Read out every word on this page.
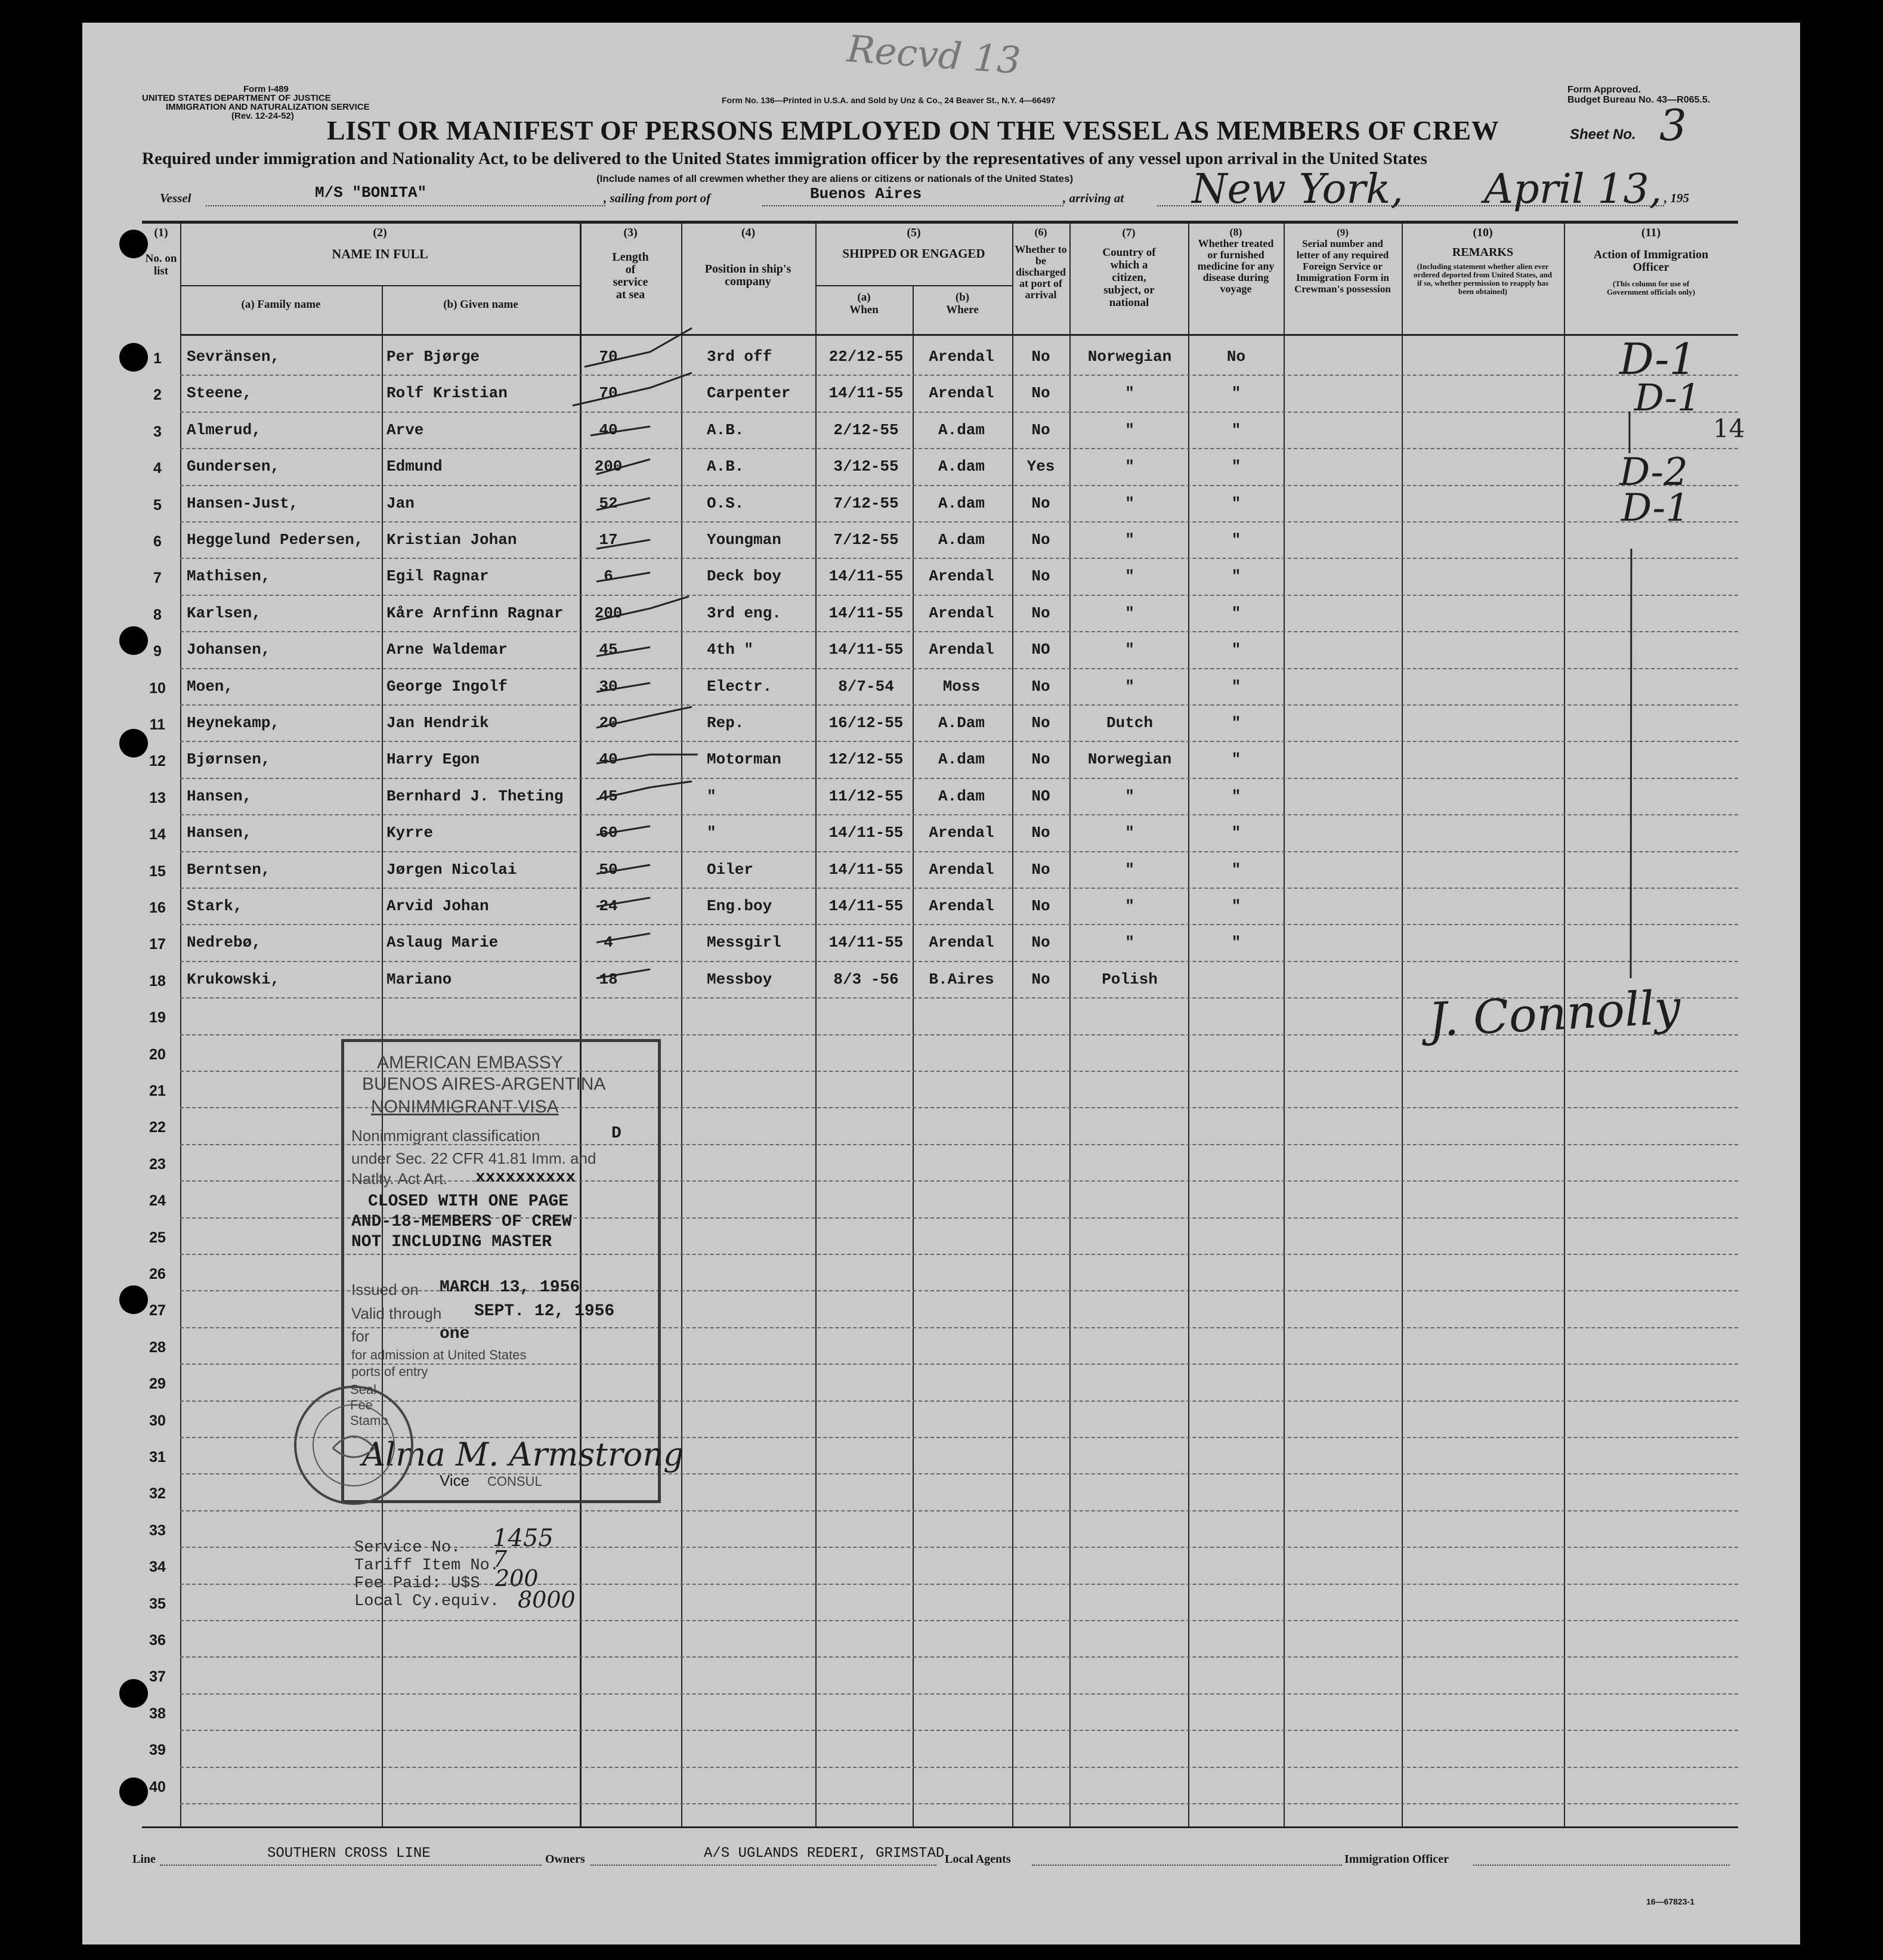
Form I-489
UNITED STATES DEPARTMENT OF JUSTICE
IMMIGRATION AND NATURALIZATION SERVICE
(Rev. 12-24-52)
Form No. 136—Printed in U.S.A. and Sold by Unz & Co., 24 Beaver St., N.Y. 4—66497
Recvd 13
Form Approved.
Budget Bureau No. 43—R065.5.
LIST OR MANIFEST OF PERSONS EMPLOYED ON THE VESSEL AS MEMBERS OF CREW	Sheet No. 3
Required under immigration and Nationality Act, to be delivered to the United States immigration officer by the representatives of any vessel upon arrival in the United States
(Include names of all crewmen whether they are aliens or citizens or nationals of the United States)
Vessel	M/S "BONITA"	, sailing from port of	Buenos Aires	, arriving at New York, April 13, , 195
(1)
No. on list
(2)
NAME IN FULL
(a) Family name	(b) Given name
(3)
Length of service at sea
(4)
Position in ship's company
(5)
SHIPPED OR ENGAGED
(a) When
(b) Where
(6)
Whether to be discharged at port of arrival
(7)
Country of which a citizen, subject, or national
(8)
Whether treated or furnished medicine for any disease during voyage
(9)
Serial number and letter of any required Foreign Service or Immigration Form in Crewman's possession
(10)
REMARKS
(Including statement whether alien ever ordered deported from United States, and if so, whether permission to reapply has been obtained)
(11)
Action of Immigration Officer
(This column for use of Government officials only)
1	Sevränsen,	Per Bjørge	70	3rd off	22/12-55	Arendal	No	Norwegian	No
2	Steene,	Rolf Kristian	70	Carpenter	14/11-55	Arendal	No	"	"
3	Almerud,	Arve	40	A.B.	2/12-55	A.dam	No	"	"
4	Gundersen,	Edmund	200	A.B.	3/12-55	A.dam	Yes	"	"
5	Hansen-Just,	Jan	52	O.S.	7/12-55	A.dam	No	"	"
6	Heggelund Pedersen,	Kristian Johan	17	Youngman	7/12-55	A.dam	No	"	"
7	Mathisen,	Egil Ragnar	6	Deck boy	14/11-55	Arendal	No	"	"
8	Karlsen,	Kåre Arnfinn Ragnar	200	3rd eng.	14/11-55	Arendal	No	"	"
9	Johansen,	Arne Waldemar	45	4th "	14/11-55	Arendal	NO	"	"
10	Moen,	George Ingolf	30	Electr.	8/7-54	Moss	No	"	"
11	Heynekamp,	Jan Hendrik	20	Rep.	16/12-55	A.Dam	No	Dutch	"
12	Bjørnsen,	Harry Egon	40	Motorman	12/12-55	A.dam	No	Norwegian	"
13	Hansen,	Bernhard J. Theting	45	"	11/12-55	A.dam	NO	"	"
14	Hansen,	Kyrre	60	"	14/11-55	Arendal	No	"	"
15	Berntsen,	Jørgen Nicolai	50	Oiler	14/11-55	Arendal	No	"	"
16	Stark,	Arvid Johan	24	Eng.boy	14/11-55	Arendal	No	"	"
17	Nedrebø,	Aslaug Marie	4	Messgirl	14/11-55	Arendal	No	"	"
18	Krukowski,	Mariano	18	Messboy	8/3 -56	B.Aires	No	Polish
19
20
21
22
23
24
25
26
27
28
29
30
31
32
33
34
35
36
37
38
39
40
D-1
D-1
14
D-2
D-1
J. Connolly
AMERICAN EMBASSY
BUENOS AIRES-ARGENTINA
NONIMMIGRANT VISA
Nonimmigrant classification	D
under Sec. 22 CFR 41.81 Imm. and
Natlty. Act Art. xxxxxxxxxx
CLOSED WITH ONE PAGE
AND-18-MEMBERS OF CREW
NOT INCLUDING MASTER
Issued on MARCH 13, 1956
Valid through SEPT. 12, 1956
for	one
for admission at United States
ports of entry
Seal
Fee
Stamp
Alma M. Armstrong
Vice CONSUL
Service No.
Tariff Item No.
Fee Paid: U$S
Local Cy.equiv.
1455
7
200
8000
Line	SOUTHERN CROSS LINE	Owners	A/S UGLANDS REDERI, GRIMSTAD Local Agents	Immigration Officer
16—67823-1
